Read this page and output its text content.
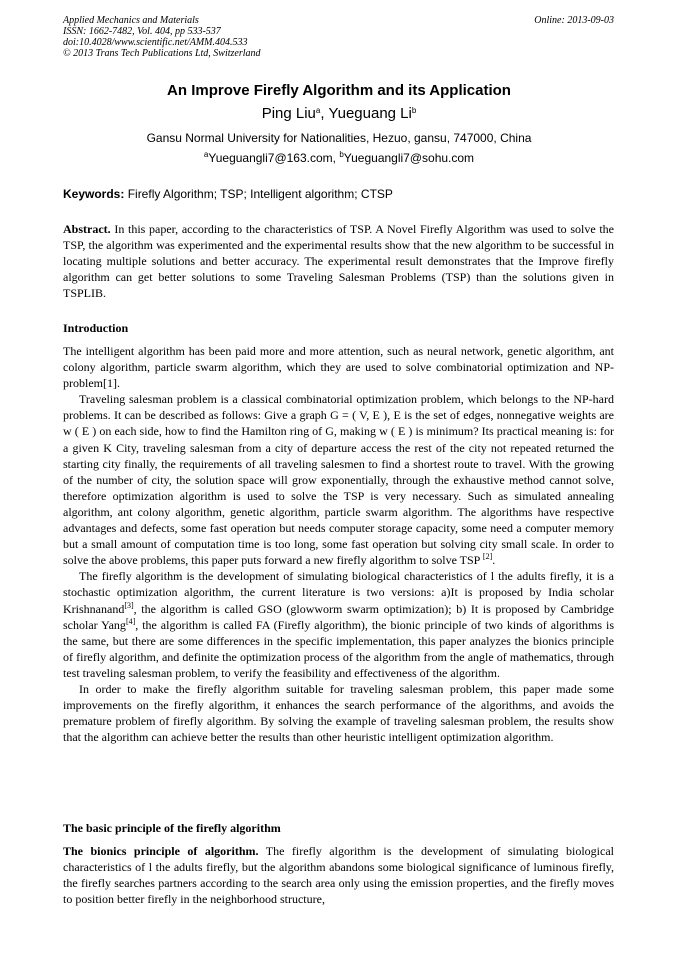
Applied Mechanics and Materials
ISSN: 1662-7482, Vol. 404, pp 533-537
doi:10.4028/www.scientific.net/AMM.404.533
© 2013 Trans Tech Publications Ltd, Switzerland
Online: 2013-09-03
An Improve Firefly Algorithm and its Application
Ping Liu$^a$, Yueguang Li$^b$
Gansu Normal University for Nationalities, Hezuo, gansu, 747000, China
$^a$Yueguangli7@163.com, $^b$Yueguangli7@sohu.com
Keywords: Firefly Algorithm; TSP; Intelligent algorithm; CTSP

Abstract. In this paper, according to the characteristics of TSP. A Novel Firefly Algorithm was used to solve the TSP, the algorithm was experimented and the experimental results show that the new algorithm to be successful in locating multiple solutions and better accuracy. The experimental result demonstrates that the Improve firefly algorithm can get better solutions to some Traveling Salesman Problems (TSP) than the solutions given in TSPLIB.

Introduction

The intelligent algorithm has been paid more and more attention, such as neural network, genetic algorithm, ant colony algorithm, particle swarm algorithm, which they are used to solve combinatorial optimization and NP- problem[1].

Traveling salesman problem is a classical combinatorial optimization problem, which belongs to the NP-hard problems. It can be described as follows: Give a graph G = ( V, E ), E is the set of edges, nonnegative weights are w ( E ) on each side, how to find the Hamilton ring of G, making w ( E ) is minimum? Its practical meaning is: for a given K City, traveling salesman from a city of departure access the rest of the city not repeated returned the starting city finally, the requirements of all traveling salesmen to find a shortest route to travel. With the growing of the number of city, the solution space will grow exponentially, through the exhaustive method cannot solve, therefore optimization algorithm is used to solve the TSP is very necessary. Such as simulated annealing algorithm, ant colony algorithm, genetic algorithm, particle swarm algorithm. The algorithms have respective advantages and defects, some fast operation but needs computer storage capacity, some need a computer memory but a small amount of computation time is too long, some fast operation but solving city small scale. In order to solve the above problems, this paper puts forward a new firefly algorithm to solve TSP [2].

The firefly algorithm is the development of simulating biological characteristics of l the adults firefly, it is a stochastic optimization algorithm, the current literature is two versions: a)It is proposed by India scholar Krishnanand[3], the algorithm is called GSO (glowworm swarm optimization); b) It is proposed by Cambridge scholar Yang[4], the algorithm is called FA (Firefly algorithm), the bionic principle of two kinds of algorithms is the same, but there are some differences in the specific implementation, this paper analyzes the bionics principle of firefly algorithm, and definite the optimization process of the algorithm from the angle of mathematics, through test traveling salesman problem, to verify the feasibility and effectiveness of the algorithm.

In order to make the firefly algorithm suitable for traveling salesman problem, this paper made some improvements on the firefly algorithm, it enhances the search performance of the algorithms, and avoids the premature problem of firefly algorithm. By solving the example of traveling salesman problem, the results show that the algorithm can achieve better the results than other heuristic intelligent optimization algorithm.

The basic principle of the firefly algorithm

The bionics principle of algorithm. The firefly algorithm is the development of simulating biological characteristics of l the adults firefly, but the algorithm abandons some biological significance of luminous firefly, the firefly searches partners according to the search area only using the emission properties, and the firefly moves to position better firefly in the neighborhood structure,
